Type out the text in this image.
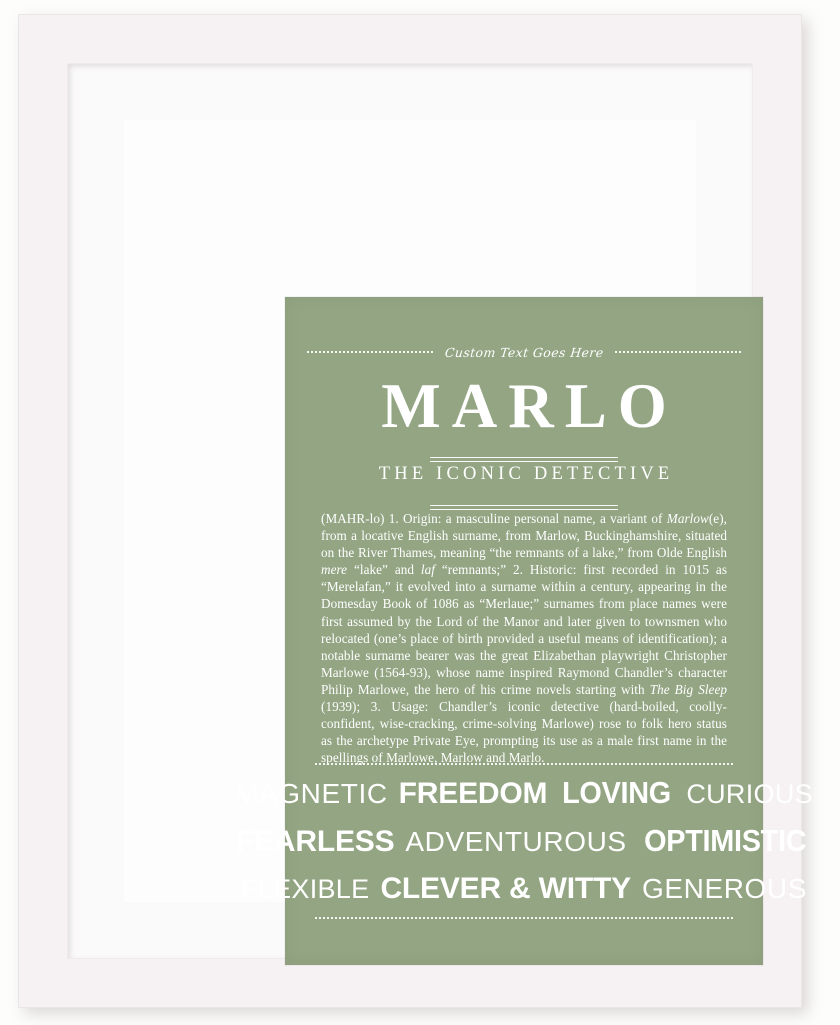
Custom Text Goes Here
MARLO
THE ICONIC DETECTIVE
(MAHR-lo) 1. Origin: a masculine personal name, a variant of Marlow(e), from a locative English surname, from Marlow, Buckinghamshire, situated on the River Thames, meaning “the remnants of a lake,” from Olde English mere “lake” and laf “remnants;” 2. Historic: first recorded in 1015 as “Merelafan,” it evolved into a surname within a century, appearing in the Domesday Book of 1086 as “Merlaue;” surnames from place names were first assumed by the Lord of the Manor and later given to townsmen who relocated (one’s place of birth provided a useful means of identification); a notable surname bearer was the great Elizabethan playwright Christopher Marlowe (1564-93), whose name inspired Raymond Chandler’s character Philip Marlowe, the hero of his crime novels starting with The Big Sleep (1939); 3. Usage: Chandler’s iconic detective (hard-boiled, coolly-confident, wise-cracking, crime-solving Marlowe) rose to folk hero status as the archetype Private Eye, prompting its use as a male first name in the spellings of Marlowe, Marlow and Marlo.
MAGNETIC FREEDOM LOVING CURIOUS
FEARLESS ADVENTUROUS OPTIMISTIC
FLEXIBLE CLEVER & WITTY GENEROUS
